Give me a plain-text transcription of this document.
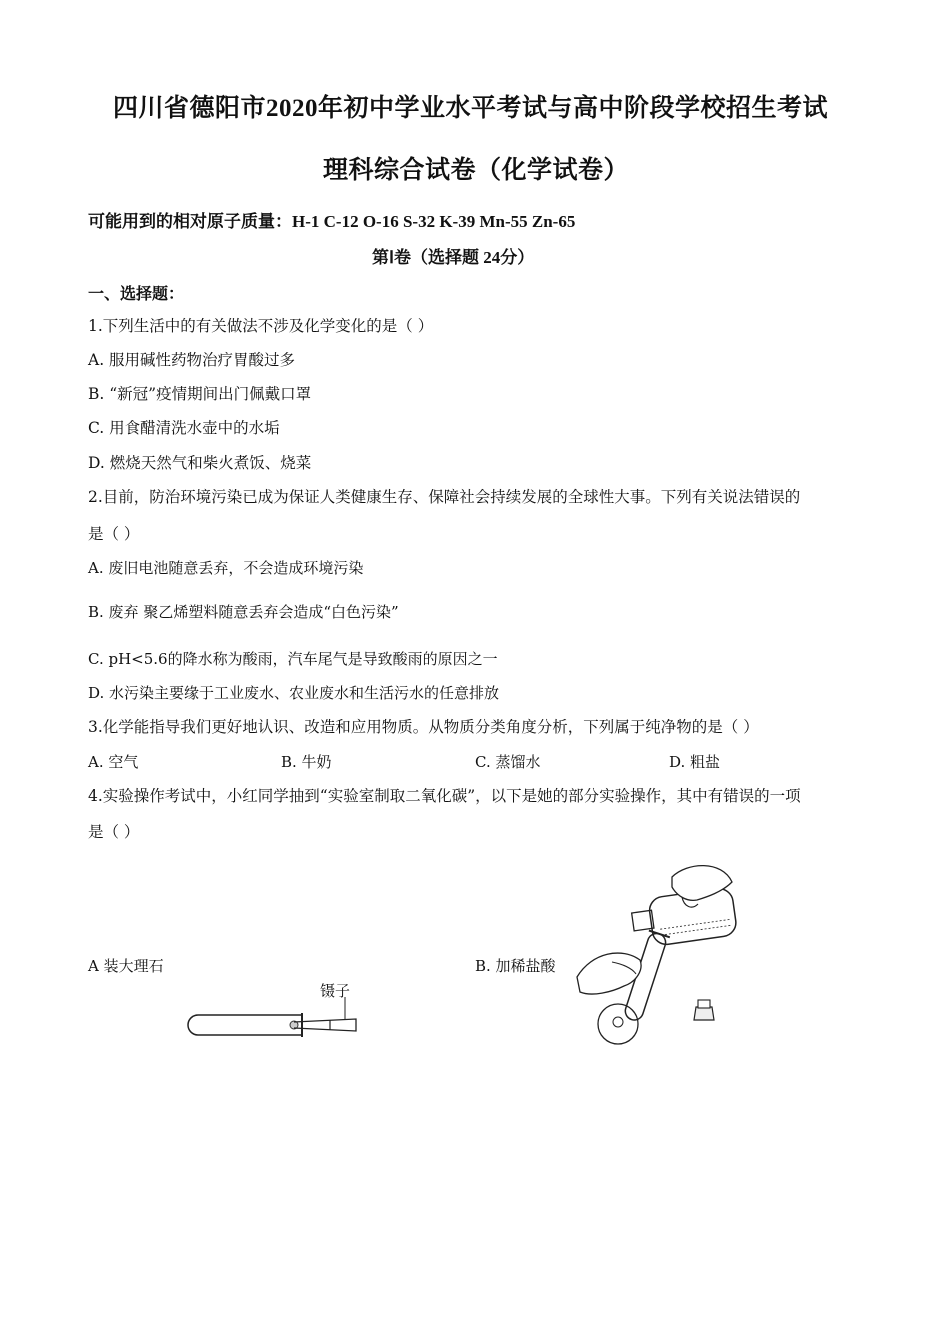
四川省德阳市2020年初中学业水平考试与高中阶段学校招生考试
理科综合试卷（化学试卷）
可能用到的相对原子质量：H-1 C-12 O-16 S-32 K-39 Mn-55 Zn-65
第Ⅰ卷（选择题 24分）
一、选择题：
1.下列生活中的有关做法不涉及化学变化的是（ ）
A. 服用碱性药物治疗胃酸过多
B. “新冠”疫情期间出门佩戴口罩
C. 用食醋清洗水壶中的水垢
D. 燃烧天然气和柴火煮饭、烧菜
2.目前，防治环境污染已成为保证人类健康生存、保障社会持续发展的全球性大事。下列有关说法错误的
是（ ）
A. 废旧电池随意丢弃，不会造成环境污染
B. 废弃 聚乙烯塑料随意丢弃会造成“白色污染”
C. pH<5.6的降水称为酸雨，汽车尾气是导致酸雨的原因之一
D. 水污染主要缘于工业废水、农业废水和生活污水的任意排放
3.化学能指导我们更好地认识、改造和应用物质。从物质分类角度分析，下列属于纯净物的是（ ）
A. 空气	B. 牛奶	C. 蒸馏水	D. 粗盐
4.实验操作考试中，小红同学抽到“实验室制取二氧化碳”，以下是她的部分实验操作，其中有错误的一项
是（ ）
A 装大理石	B. 加稀盐酸
镊子
